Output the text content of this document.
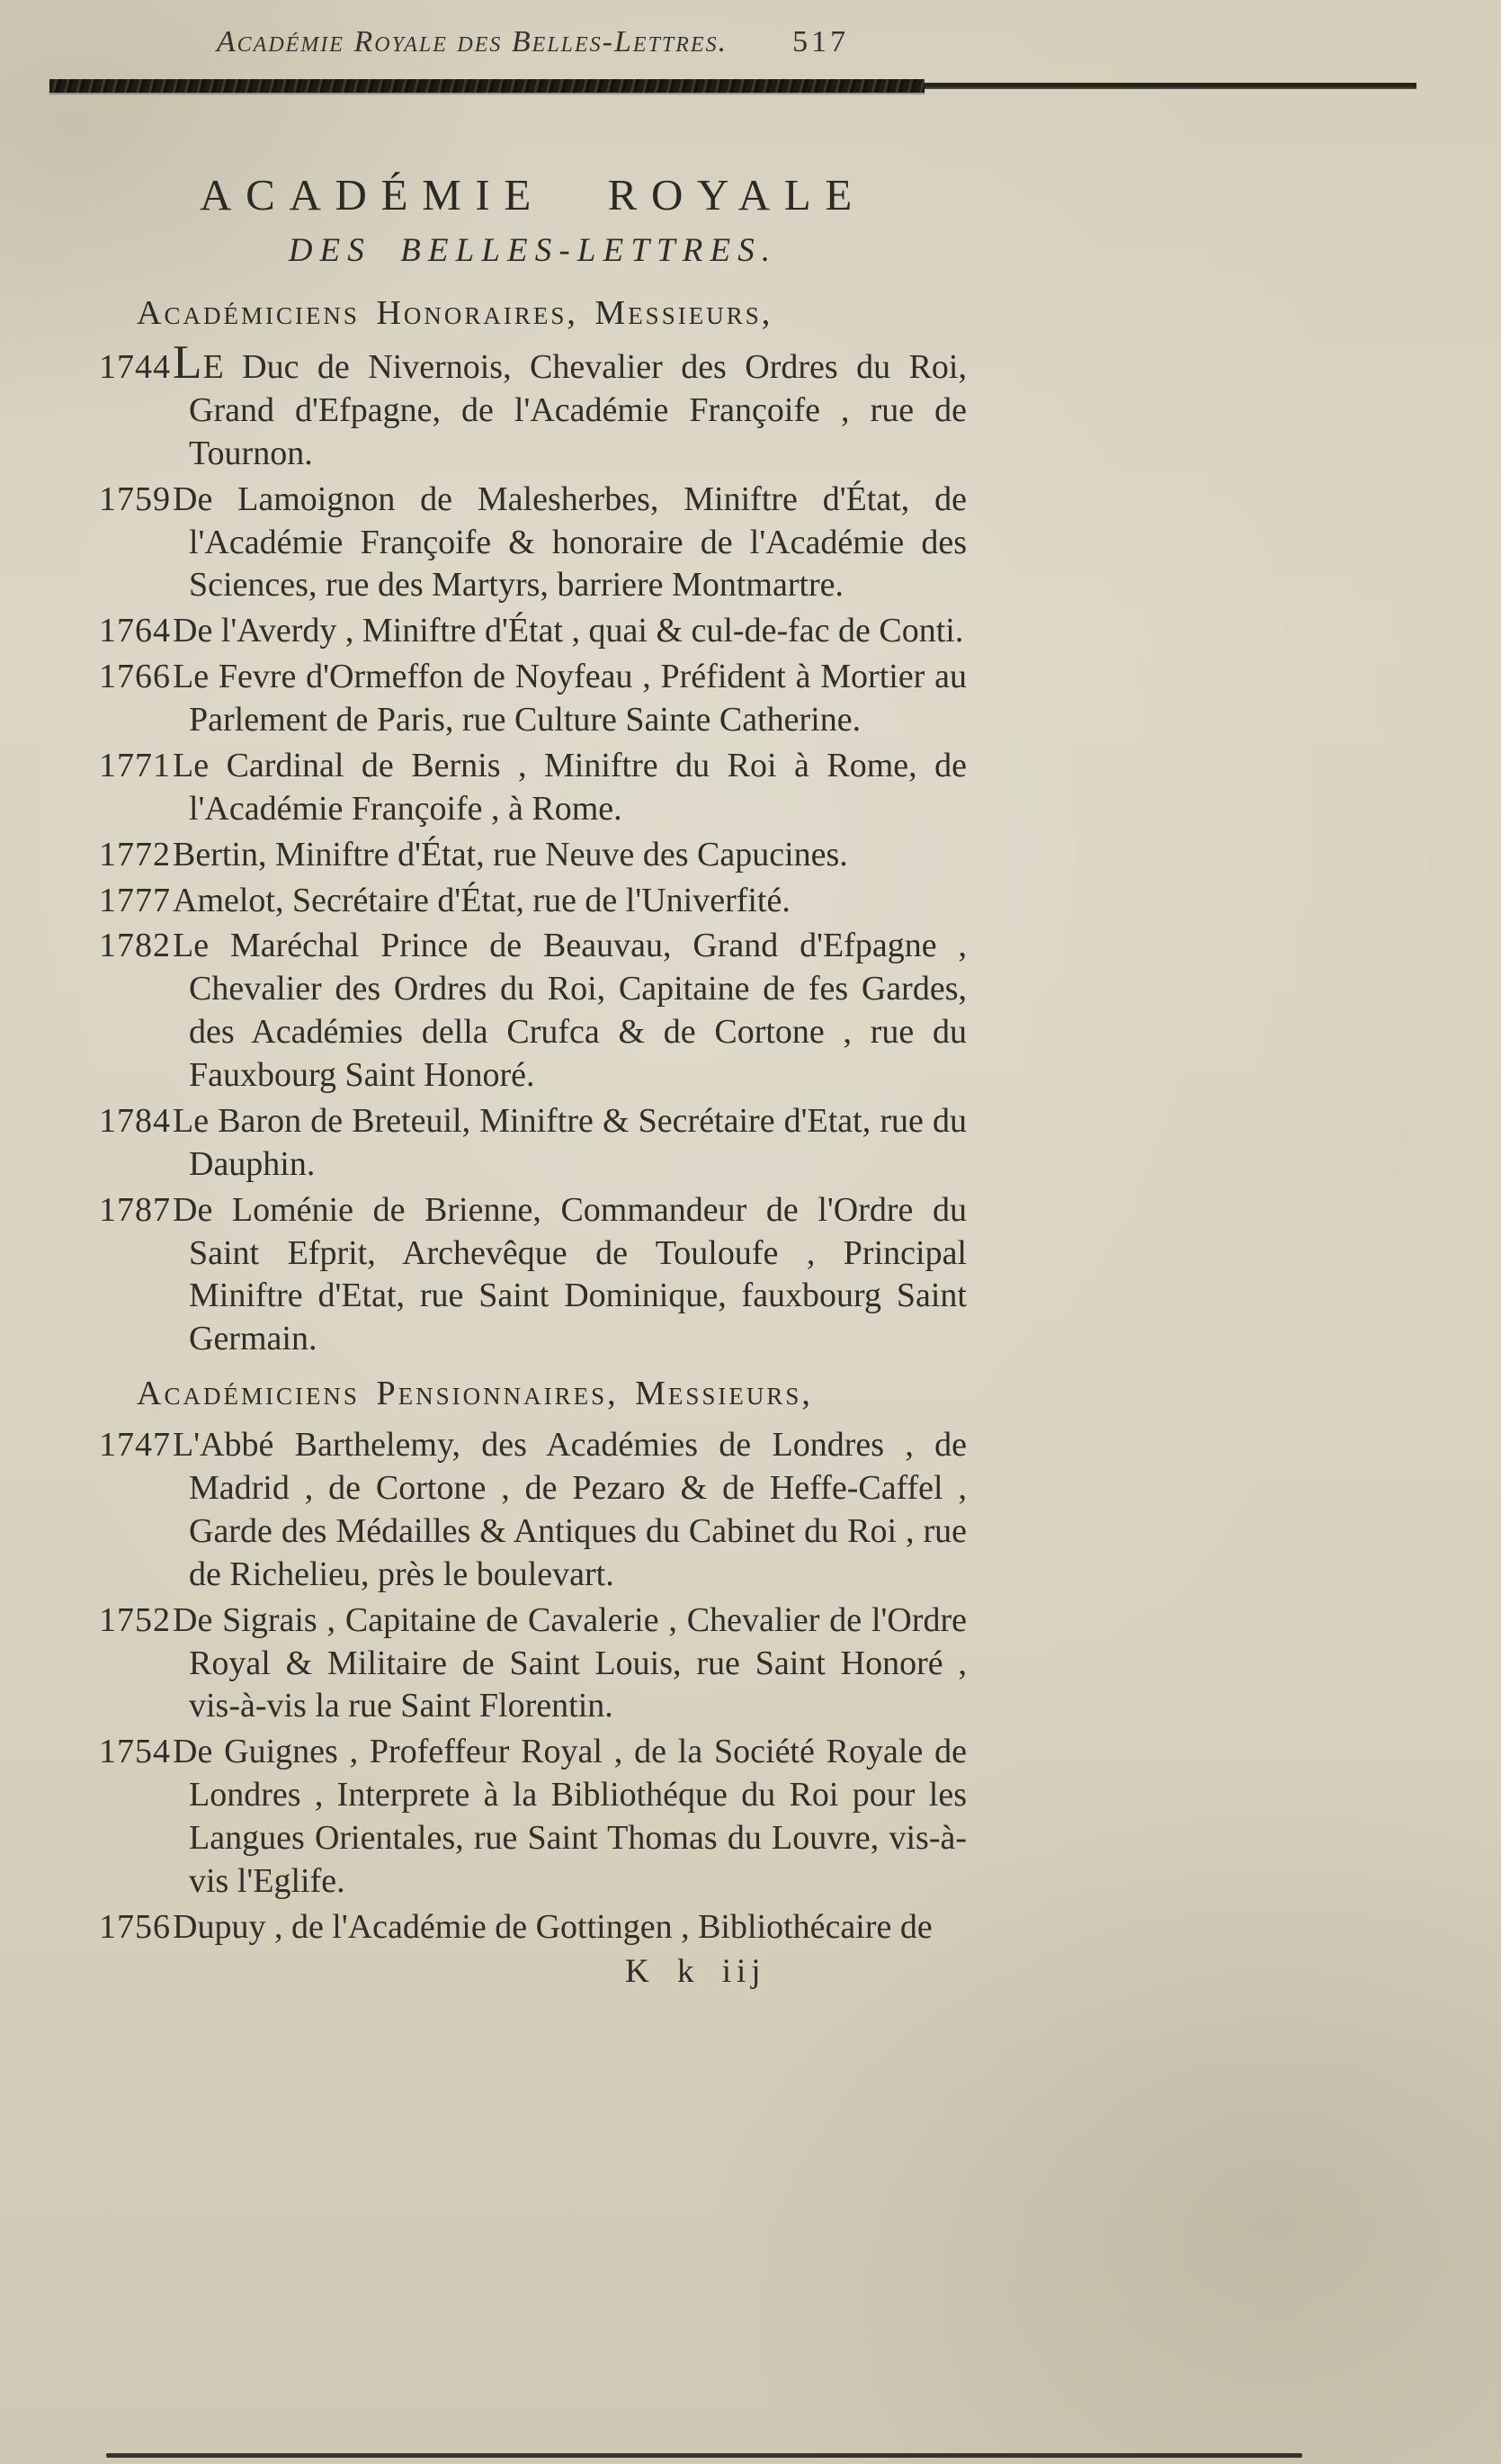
Académie Royale des Belles-Lettres. 517
ACADÉMIE ROYALE
DES BELLES-LETTRES.
Académiciens Honoraires, Messieurs,
1744LE Duc de Nivernois, Chevalier des Ordres du Roi, Grand d'Efpagne, de l'Académie Françoife , rue de Tournon.
1759De Lamoignon de Malesherbes, Miniftre d'État, de l'Académie Françoife & honoraire de l'Académie des Sciences, rue des Martyrs, barriere Montmartre.
1764De l'Averdy , Miniftre d'État , quai & cul-de-fac de Conti.
1766Le Fevre d'Ormeffon de Noyfeau , Préfident à Mortier au Parlement de Paris, rue Culture Sainte Catherine.
1771Le Cardinal de Bernis , Miniftre du Roi à Rome, de l'Académie Françoife , à Rome.
1772Bertin, Miniftre d'État, rue Neuve des Capucines.
1777Amelot, Secrétaire d'État, rue de l'Univerfité.
1782Le Maréchal Prince de Beauvau, Grand d'Efpagne , Chevalier des Ordres du Roi, Capitaine de fes Gardes, des Académies della Crufca & de Cortone , rue du Fauxbourg Saint Honoré.
1784Le Baron de Breteuil, Miniftre & Secrétaire d'Etat, rue du Dauphin.
1787De Loménie de Brienne, Commandeur de l'Ordre du Saint Efprit, Archevêque de Touloufe , Principal Miniftre d'Etat, rue Saint Dominique, fauxbourg Saint Germain.
Académiciens Pensionnaires, Messieurs,
1747L'Abbé Barthelemy, des Académies de Londres , de Madrid , de Cortone , de Pezaro & de Heffe-Caffel , Garde des Médailles & Antiques du Cabinet du Roi , rue de Richelieu, près le boulevart.
1752De Sigrais , Capitaine de Cavalerie , Chevalier de l'Ordre Royal & Militaire de Saint Louis, rue Saint Honoré , vis-à-vis la rue Saint Florentin.
1754De Guignes , Profeffeur Royal , de la Société Royale de Londres , Interprete à la Bibliothéque du Roi pour les Langues Orientales, rue Saint Thomas du Louvre, vis-à-vis l'Eglife.
1756Dupuy , de l'Académie de Gottingen , Bibliothécaire de
K k iij
